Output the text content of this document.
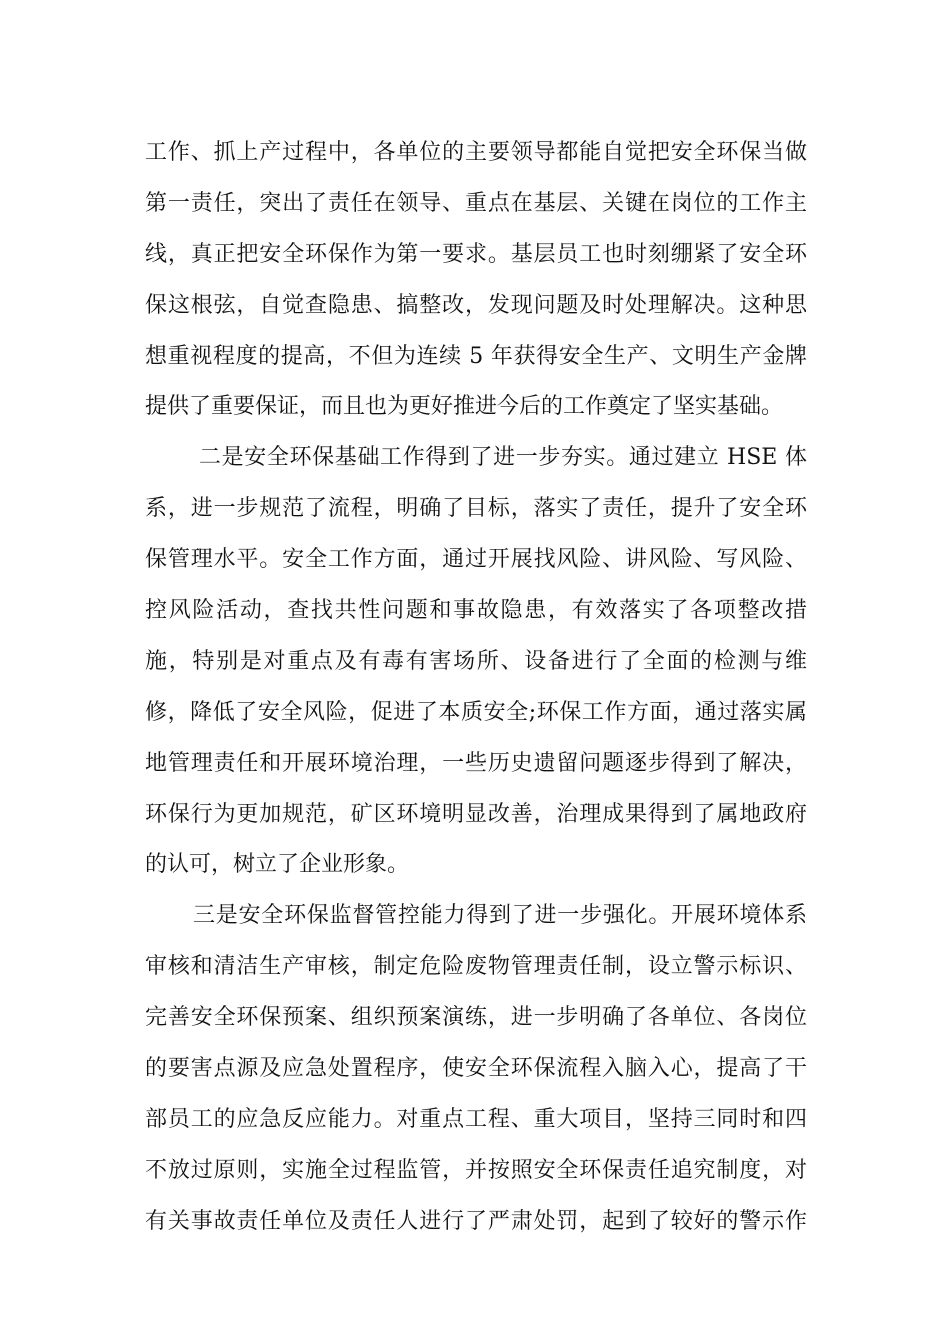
工作、抓上产过程中，各单位的主要领导都能自觉把安全环保当做
第一责任，突出了责任在领导、重点在基层、关键在岗位的工作主
线，真正把安全环保作为第一要求。基层员工也时刻绷紧了安全环
保这根弦，自觉查隐患、搞整改，发现问题及时处理解决。这种思
想重视程度的提高，不但为连续 5 年获得安全生产、文明生产金牌
提供了重要保证，而且也为更好推进今后的工作奠定了坚实基础。
二是安全环保基础工作得到了进一步夯实。通过建立 HSE 体
系，进一步规范了流程，明确了目标，落实了责任，提升了安全环
保管理水平。安全工作方面，通过开展找风险、讲风险、写风险、
控风险活动，查找共性问题和事故隐患，有效落实了各项整改措
施，特别是对重点及有毒有害场所、设备进行了全面的检测与维
修，降低了安全风险，促进了本质安全;环保工作方面，通过落实属
地管理责任和开展环境治理，一些历史遗留问题逐步得到了解决，
环保行为更加规范，矿区环境明显改善，治理成果得到了属地政府
的认可，树立了企业形象。
三是安全环保监督管控能力得到了进一步强化。开展环境体系
审核和清洁生产审核，制定危险废物管理责任制，设立警示标识、
完善安全环保预案、组织预案演练，进一步明确了各单位、各岗位
的要害点源及应急处置程序，使安全环保流程入脑入心，提高了干
部员工的应急反应能力。对重点工程、重大项目，坚持三同时和四
不放过原则，实施全过程监管，并按照安全环保责任追究制度，对
有关事故责任单位及责任人进行了严肃处罚，起到了较好的警示作
